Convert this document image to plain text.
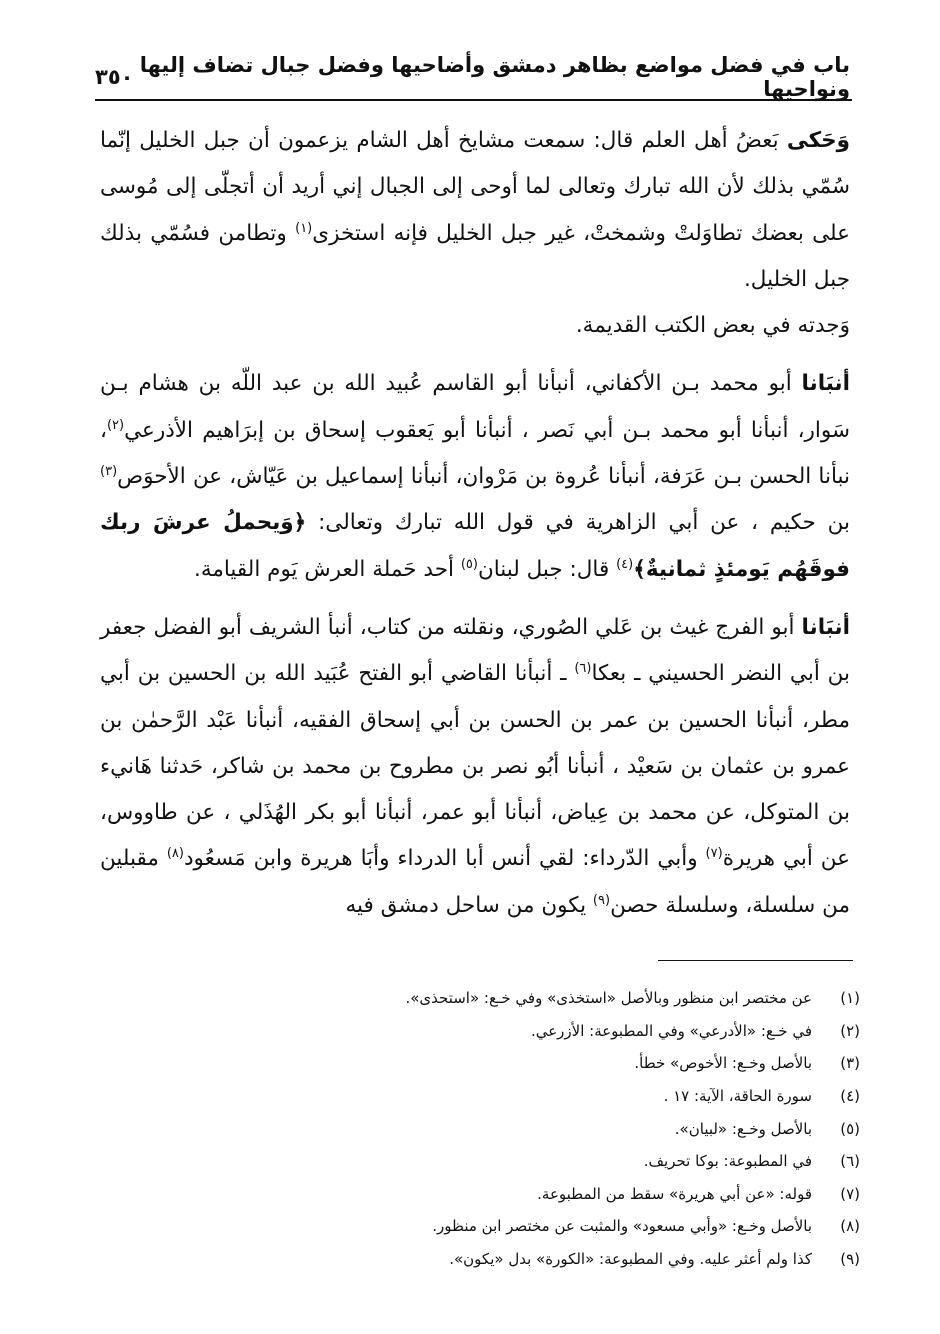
باب في فضل مواضع بظاهر دمشق وأضاحيها وفضل جبال تضاف إليها ونواحيها
٣٥٠

وَحَكى بَعضُ أهل العلم قال: سمعت مشايخ أهل الشام يزعمون أن جبل الخليل إنّما سُمّي بذلك لأن الله تبارك وتعالى لما أوحى إلى الجبال إني أريد أن أتجلّى إلى مُوسى على بعضك تطاوَلتْ وشمختْ، غير جبل الخليل فإنه استخزى$^{(١)}$ وتطامن فسُمّي بذلك جبل الخليل.

وَجدته في بعض الكتب القديمة.

أنبَانا أبو محمد بـن الأكفاني، أنبأنا أبو القاسم عُبيد الله بن عبد اللّه بن هشام بـن سَوار، أنبأنا أبو محمد بـن أبي نَصر ، أنبأنا أبو يَعقوب إسحاق بن إبرَاهيم الأذرعي$^{(٢)}$، نبأنا الحسن بـن عَرَفة، أنبأنا عُروة بن مَرْوان، أنبأنا إسماعيل بن عَيّاش، عن الأحوَص$^{(٣)}$ بن حكيم ، عن أبي الزاهرية في قول الله تبارك وتعالى: ﴿وَيحملُ عرشَ ربك فوقَهُم يَومئذٍ ثمانيةٌ﴾$^{(٤)}$ قال: جبل لبنان$^{(٥)}$ أحد حَملة العرش يَوم القيامة.

أنبَانا أبو الفرج غيث بن عَلي الصُوري، ونقلته من كتاب، أنبأ الشريف أبو الفضل جعفر بن أبي النضر الحسيني ـ بعكا$^{(٦)}$ ـ أنبأنا القاضي أبو الفتح عُبَيد الله بن الحسين بن أبي مطر، أنبأنا الحسين بن عمر بن الحسن بن أبي إسحاق الفقيه، أنبأنا عَبْد الرَّحمٰن بن عمرو بن عثمان بن سَعيْد ، أنبأنا أبُو نصر بن مطروح بن محمد بن شاكر، حَدثنا هَانيء بن المتوكل، عن محمد بن عِياض، أنبأنا أبو عمر، أنبأنا أبو بكر الهُذَلي ، عن طاووس، عن أبي هريرة$^{(٧)}$ وأبي الدّرداء: لقي أنس أبا الدرداء وأبَا هريرة وابن مَسعُود$^{(٨)}$ مقبلين من سلسلة، وسلسلة حصن$^{(٩)}$ يكون من ساحل دمشق فيه

(١)
عن مختصر ابن منظور وبالأصل «استخذى» وفي خـع: «استحذى».
(٢)
في خـع: «الأدرعي» وفي المطبوعة: الأزرعي.
(٣)
بالأصل وخـع: الأخوص» خطأ.
(٤)
سورة الحاقة، الآية: ١٧ .
(٥)
بالأصل وخـع: «لبيان».
(٦)
في المطبوعة: بوكا تحريف.
(٧)
قوله: «عن أبي هريرة» سقط من المطبوعة.
(٨)
بالأصل وخـع: «وأبي مسعود» والمثبت عن مختصر ابن منظور.
(٩)
كذا ولم أعثر عليه. وفي المطبوعة: «الكورة» بدل «يكون».
